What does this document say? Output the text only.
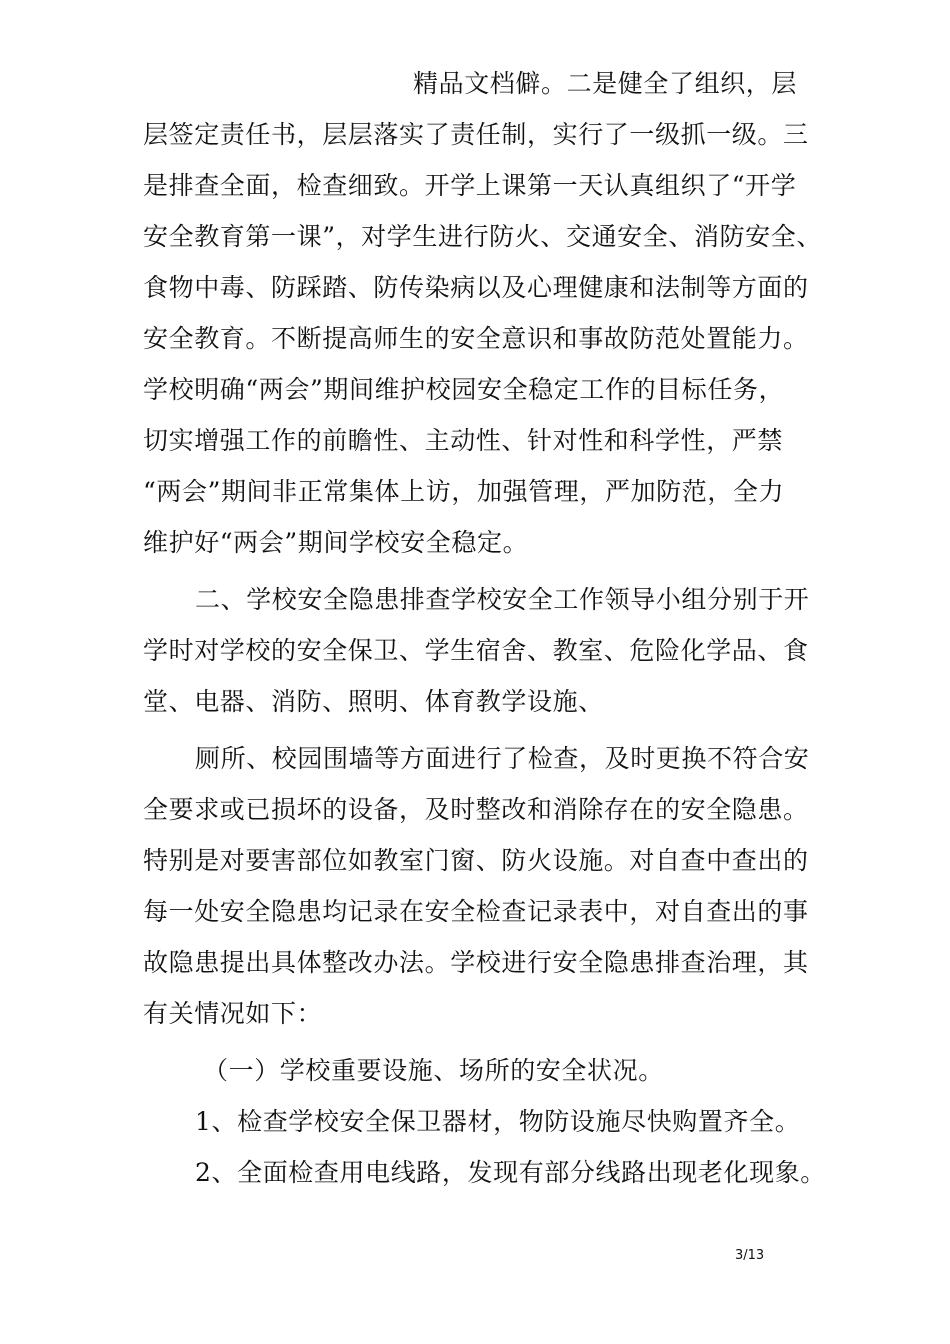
精品文档僻。二是健全了组织，层
层签定责任书，层层落实了责任制，实行了一级抓一级。三
是排查全面，检查细致。开学上课第一天认真组织了“开学
安全教育第一课”，对学生进行防火、交通安全、消防安全、
食物中毒、防踩踏、防传染病以及心理健康和法制等方面的
安全教育。不断提高师生的安全意识和事故防范处置能力。
学校明确“两会”期间维护校园安全稳定工作的目标任务，
切实增强工作的前瞻性、主动性、针对性和科学性，严禁
“两会”期间非正常集体上访，加强管理，严加防范，全力
维护好“两会”期间学校安全稳定。
二、学校安全隐患排查学校安全工作领导小组分别于开
学时对学校的安全保卫、学生宿舍、教室、危险化学品、食
堂、电器、消防、照明、体育教学设施、
厕所、校园围墙等方面进行了检查，及时更换不符合安
全要求或已损坏的设备，及时整改和消除存在的安全隐患。
特别是对要害部位如教室门窗、防火设施。对自查中查出的
每一处安全隐患均记录在安全检查记录表中，对自查出的事
故隐患提出具体整改办法。学校进行安全隐患排查治理，其
有关情况如下：
（一）学校重要设施、场所的安全状况。
1、检查学校安全保卫器材，物防设施尽快购置齐全。
2、全面检查用电线路，发现有部分线路出现老化现象。
3/13
